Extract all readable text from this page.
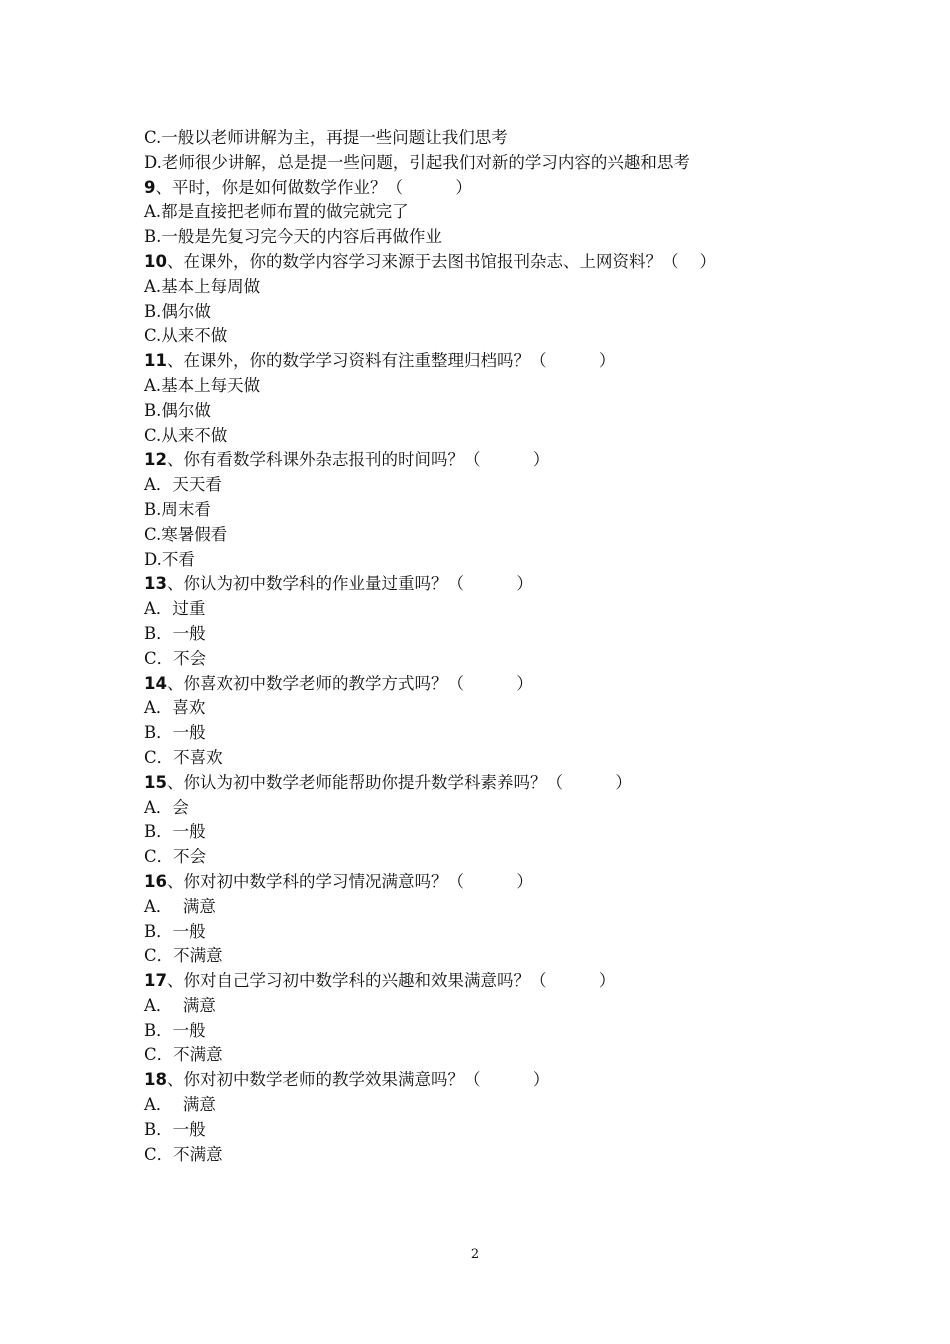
C.一般以老师讲解为主，再提一些问题让我们思考
D.老师很少讲解，总是提一些问题，引起我们对新的学习内容的兴趣和思考
9、平时，你是如何做数学作业？（          ）
A.都是直接把老师布置的做完就完了
B.一般是先复习完今天的内容后再做作业
10、在课外，你的数学内容学习来源于去图书馆报刊杂志、上网资料？（    ）
A.基本上每周做
B.偶尔做
C.从来不做
11、在课外，你的数学学习资料有注重整理归档吗？（          ）
A.基本上每天做
B.偶尔做
C.从来不做
12、你有看数学科课外杂志报刊的时间吗？（          ）
A．天天看
B.周末看
C.寒暑假看
D.不看
13、你认为初中数学科的作业量过重吗？（          ）
A．过重
B．一般
C．不会
14、你喜欢初中数学老师的教学方式吗？（          ）
A．喜欢
B．一般
C．不喜欢
15、你认为初中数学老师能帮助你提升数学科素养吗？（          ）
A．会
B．一般
C．不会
16、你对初中数学科的学习情况满意吗？（          ）
A．  满意
B．一般
C．不满意
17、你对自己学习初中数学科的兴趣和效果满意吗？（          ）
A．  满意
B．一般
C．不满意
18、你对初中数学老师的教学效果满意吗？（          ）
A．  满意
B．一般
C．不满意
2
